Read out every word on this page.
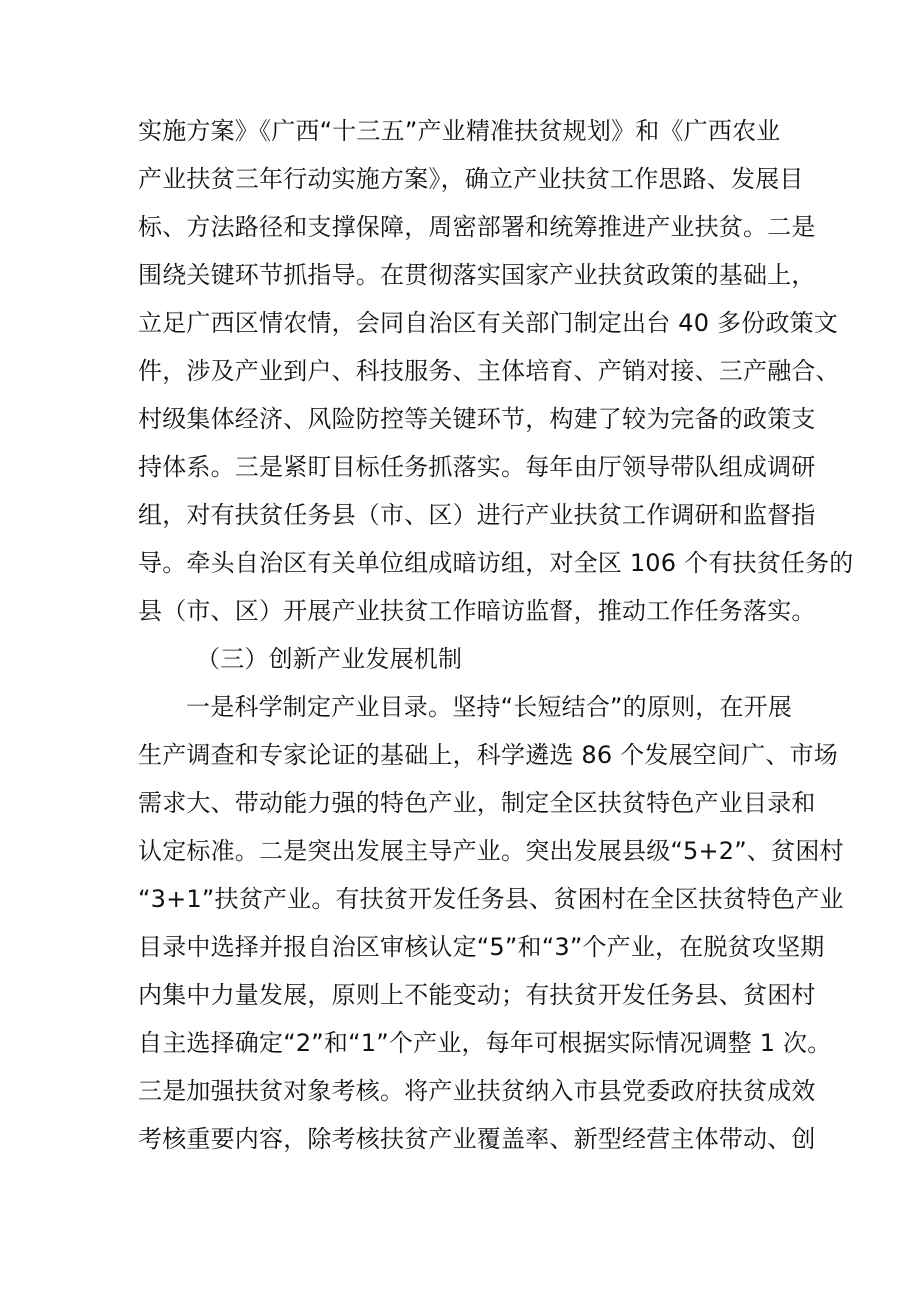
实施方案》《广西“十三五”产业精准扶贫规划》和《广西农业
产业扶贫三年行动实施方案》，确立产业扶贫工作思路、发展目
标、方法路径和支撑保障，周密部署和统筹推进产业扶贫。二是
围绕关键环节抓指导。在贯彻落实国家产业扶贫政策的基础上，
立足广西区情农情，会同自治区有关部门制定出台 40 多份政策文
件，涉及产业到户、科技服务、主体培育、产销对接、三产融合、
村级集体经济、风险防控等关键环节，构建了较为完备的政策支
持体系。三是紧盯目标任务抓落实。每年由厅领导带队组成调研
组，对有扶贫任务县（市、区）进行产业扶贫工作调研和监督指
导。牵头自治区有关单位组成暗访组，对全区 106 个有扶贫任务的
县（市、区）开展产业扶贫工作暗访监督，推动工作任务落实。
（三）创新产业发展机制
一是科学制定产业目录。坚持“长短结合”的原则，在开展
生产调查和专家论证的基础上，科学遴选 86 个发展空间广、市场
需求大、带动能力强的特色产业，制定全区扶贫特色产业目录和
认定标准。二是突出发展主导产业。突出发展县级“5+2”、贫困村
“3+1”扶贫产业。有扶贫开发任务县、贫困村在全区扶贫特色产业
目录中选择并报自治区审核认定“5”和“3”个产业，在脱贫攻坚期
内集中力量发展，原则上不能变动；有扶贫开发任务县、贫困村
自主选择确定“2”和“1”个产业，每年可根据实际情况调整 1 次。
三是加强扶贫对象考核。将产业扶贫纳入市县党委政府扶贫成效
考核重要内容，除考核扶贫产业覆盖率、新型经营主体带动、创
